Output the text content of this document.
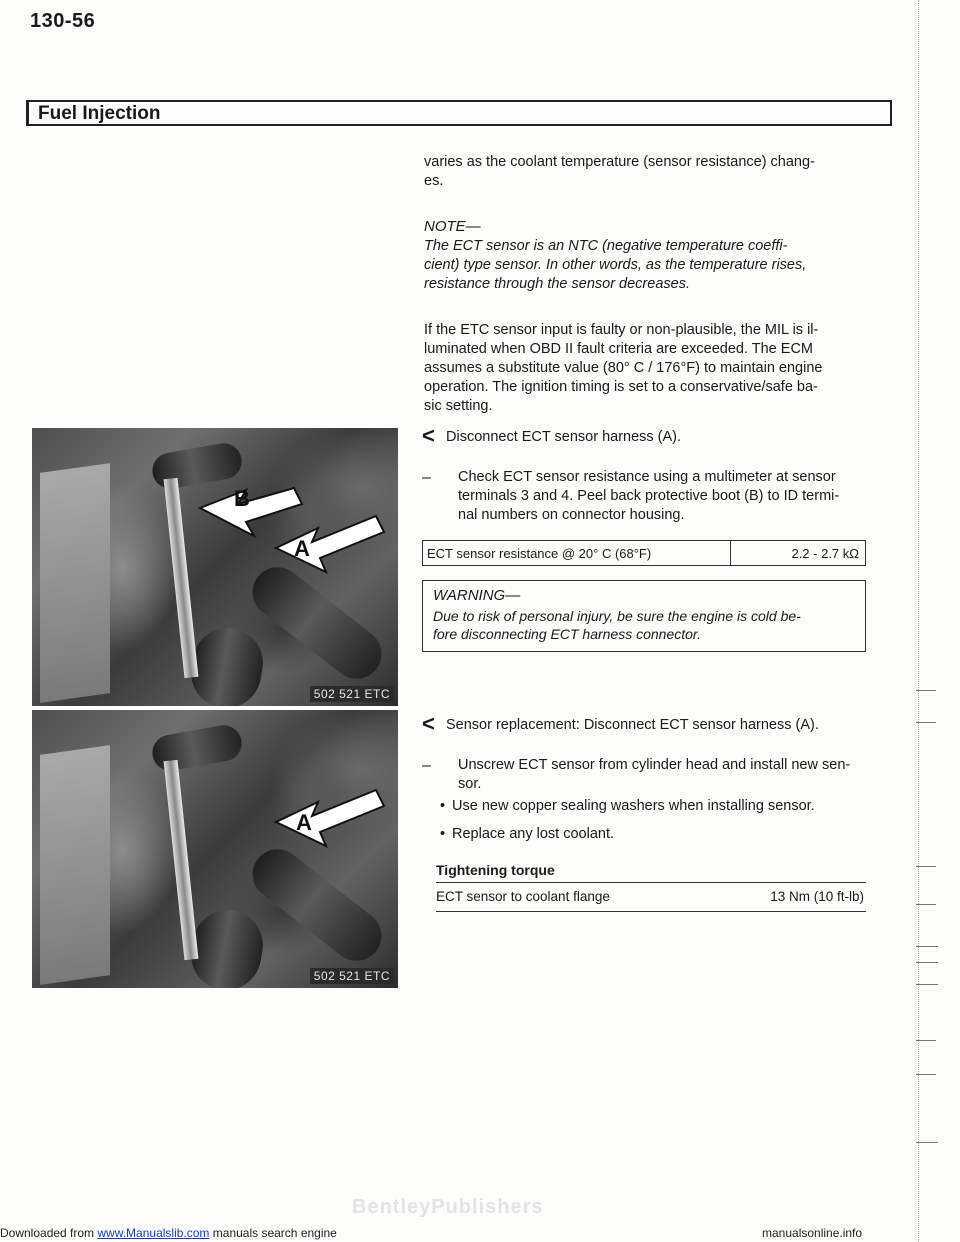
130-56
Fuel Injection
varies as the coolant temperature (sensor resistance) chang-
es.
NOTE—
The ECT sensor is an NTC (negative temperature coeffi-
cient) type sensor. In other words, as the temperature rises,
resistance through the sensor decreases.
If the ETC sensor input is faulty or non-plausible, the MIL is il-
luminated when OBD II fault criteria are exceeded. The ECM
assumes a substitute value (80° C / 176°F) to maintain engine
operation. The ignition timing is set to a conservative/safe ba-
sic setting.
< Disconnect ECT sensor harness (A).
– Check ECT sensor resistance using a multimeter at sensor
terminals 3 and 4. Peel back protective boot (B) to ID termi-
nal numbers on connector housing.
ECT sensor resistance @ 20° C (68°F)	2.2 - 2.7 kΩ
WARNING—
Due to risk of personal injury, be sure the engine is cold be-
fore disconnecting ECT harness connector.
< Sensor replacement: Disconnect ECT sensor harness (A).
– Unscrew ECT sensor from cylinder head and install new sen-
sor.
• Use new copper sealing washers when installing sensor.
• Replace any lost coolant.
Tightening torque
ECT sensor to coolant flange	13 Nm (10 ft-lb)
B
A
502 521 ETC
A
502 521 ETC
BentleyPublishers
Downloaded from www.Manualslib.com manuals search engine	manualsonline.info
